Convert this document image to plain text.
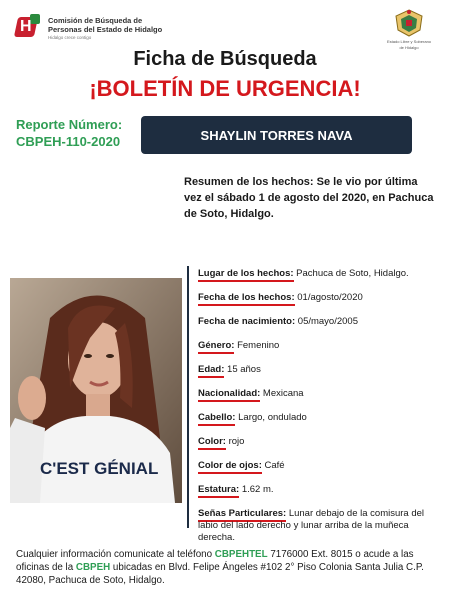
H Comisión de Búsqueda de
Personas del Estado de Hidalgo
Hidalgo crece contigo
Estado Libre y Soberano
de Hidalgo
Ficha de Búsqueda
¡BOLETÍN DE URGENCIA!
Reporte Número:
CBPEH-110-2020	SHAYLIN TORRES NAVA
Resumen de los hechos: Se le vio por última vez el sábado 1 de agosto del 2020, en Pachuca de Soto, Hidalgo.
C'EST GÉNIAL
Lugar de los hechos: Pachuca de Soto, Hidalgo.
Fecha de los hechos: 01/agosto/2020
Fecha de nacimiento: 05/mayo/2005
Género: Femenino
Edad: 15 años
Nacionalidad: Mexicana
Cabello: Largo, ondulado
Color: rojo
Color de ojos: Café
Estatura: 1.62 m.
Señas Particulares: Lunar debajo de la comisura del labio del lado derecho y lunar arriba de la muñeca derecha.
Cualquier información comunicate al teléfono CBPEHTEL 7176000 Ext. 8015 o acude a las oficinas de la CBPEH ubicadas en Blvd. Felipe Ángeles #102 2° Piso Colonia Santa Julia C.P. 42080, Pachuca de Soto, Hidalgo.
